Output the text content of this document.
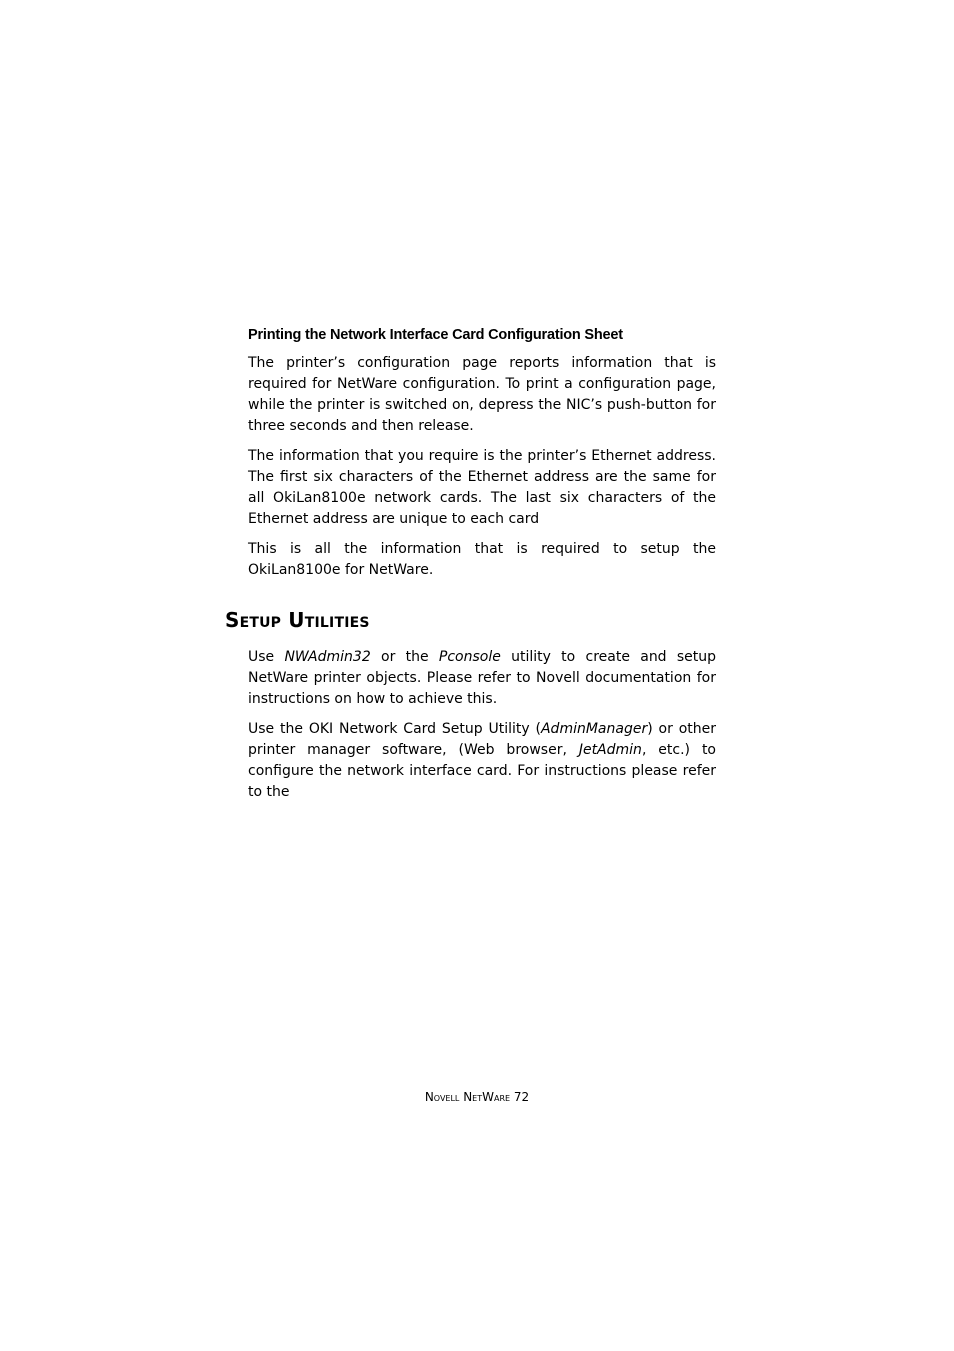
Printing the Network Interface Card Configuration Sheet

The printer’s configuration page reports information that is required for NetWare configuration. To print a configuration page, while the printer is switched on, depress the NIC’s push-button for three seconds and then release.

The information that you require is the printer’s Ethernet address. The first six characters of the Ethernet address are the same for all OkiLan8100e network cards. The last six characters of the Ethernet address are unique to each card

This is all the information that is required to setup the OkiLan8100e for NetWare.

Setup Utilities

Use NWAdmin32 or the Pconsole utility to create and setup NetWare printer objects. Please refer to Novell documentation for instructions on how to achieve this.

Use the OKI Network Card Setup Utility (AdminManager) or other printer manager software, (Web browser, JetAdmin, etc.) to configure the network interface card. For instructions please refer to the

Novell NetWare 72
